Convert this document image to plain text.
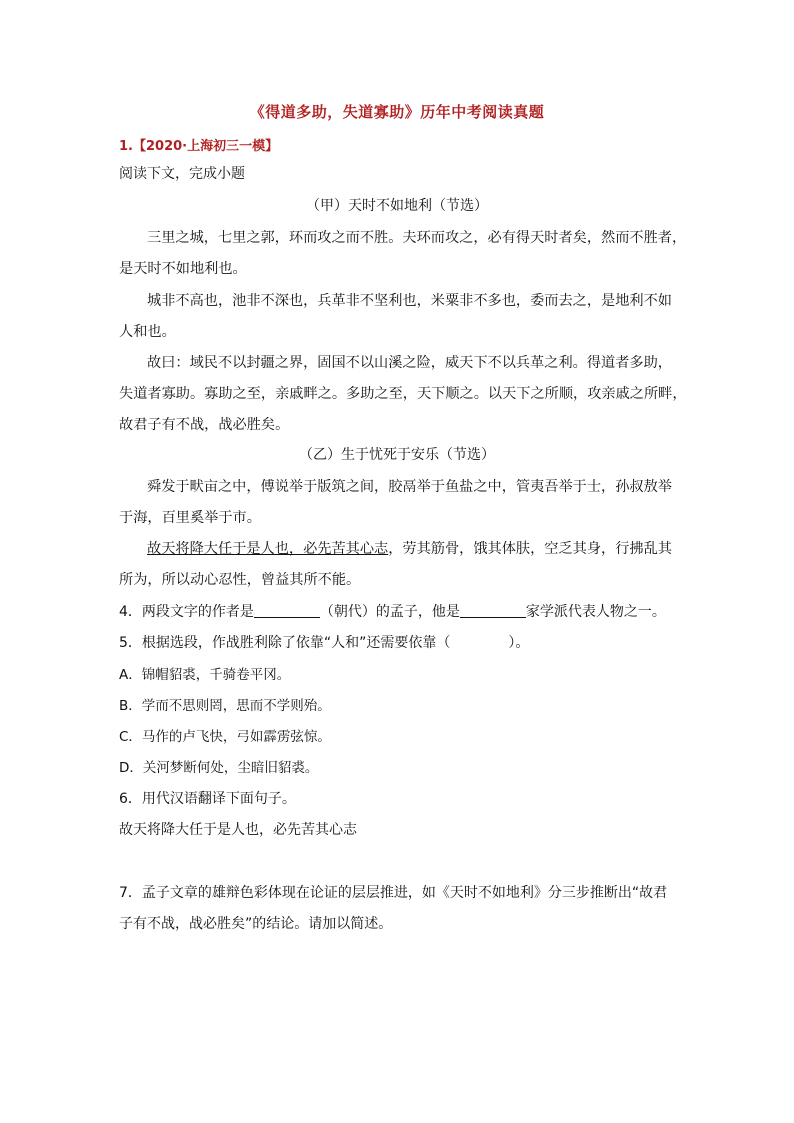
《得道多助，失道寡助》历年中考阅读真题
1.【2020·上海初三一模】
阅读下文，完成小题
（甲）天时不如地利（节选）
三里之城，七里之郭，环而攻之而不胜。夫环而攻之，必有得天时者矣，然而不胜者，
是天时不如地利也。
城非不高也，池非不深也，兵革非不坚利也，米粟非不多也，委而去之，是地利不如
人和也。
故曰：域民不以封疆之界，固国不以山溪之险，威天下不以兵革之利。得道者多助，
失道者寡助。寡助之至，亲戚畔之。多助之至，天下顺之。以天下之所顺，攻亲戚之所畔，
故君子有不战，战必胜矣。
（乙）生于忧死于安乐（节选）
舜发于畎亩之中，傅说举于版筑之间，胶鬲举于鱼盐之中，管夷吾举于士，孙叔敖举
于海，百里奚举于市。
故天将降大任于是人也，必先苦其心志，劳其筋骨，饿其体肤，空乏其身，行拂乱其
所为，所以动心忍性，曾益其所不能。
4．两段文字的作者是	（朝代）的孟子，他是	家学派代表人物之一。
5．根据选段，作战胜利除了依靠“人和”还需要依靠（	）。
A．锦帽貂裘，千骑卷平冈。
B．学而不思则罔，思而不学则殆。
C．马作的卢飞快，弓如霹雳弦惊。
D．关河梦断何处，尘暗旧貂裘。
6．用代汉语翻译下面句子。
故天将降大任于是人也，必先苦其心志
7．孟子文章的雄辩色彩体现在论证的层层推进，如《天时不如地利》分三步推断出“故君
子有不战，战必胜矣”的结论。请加以简述。
